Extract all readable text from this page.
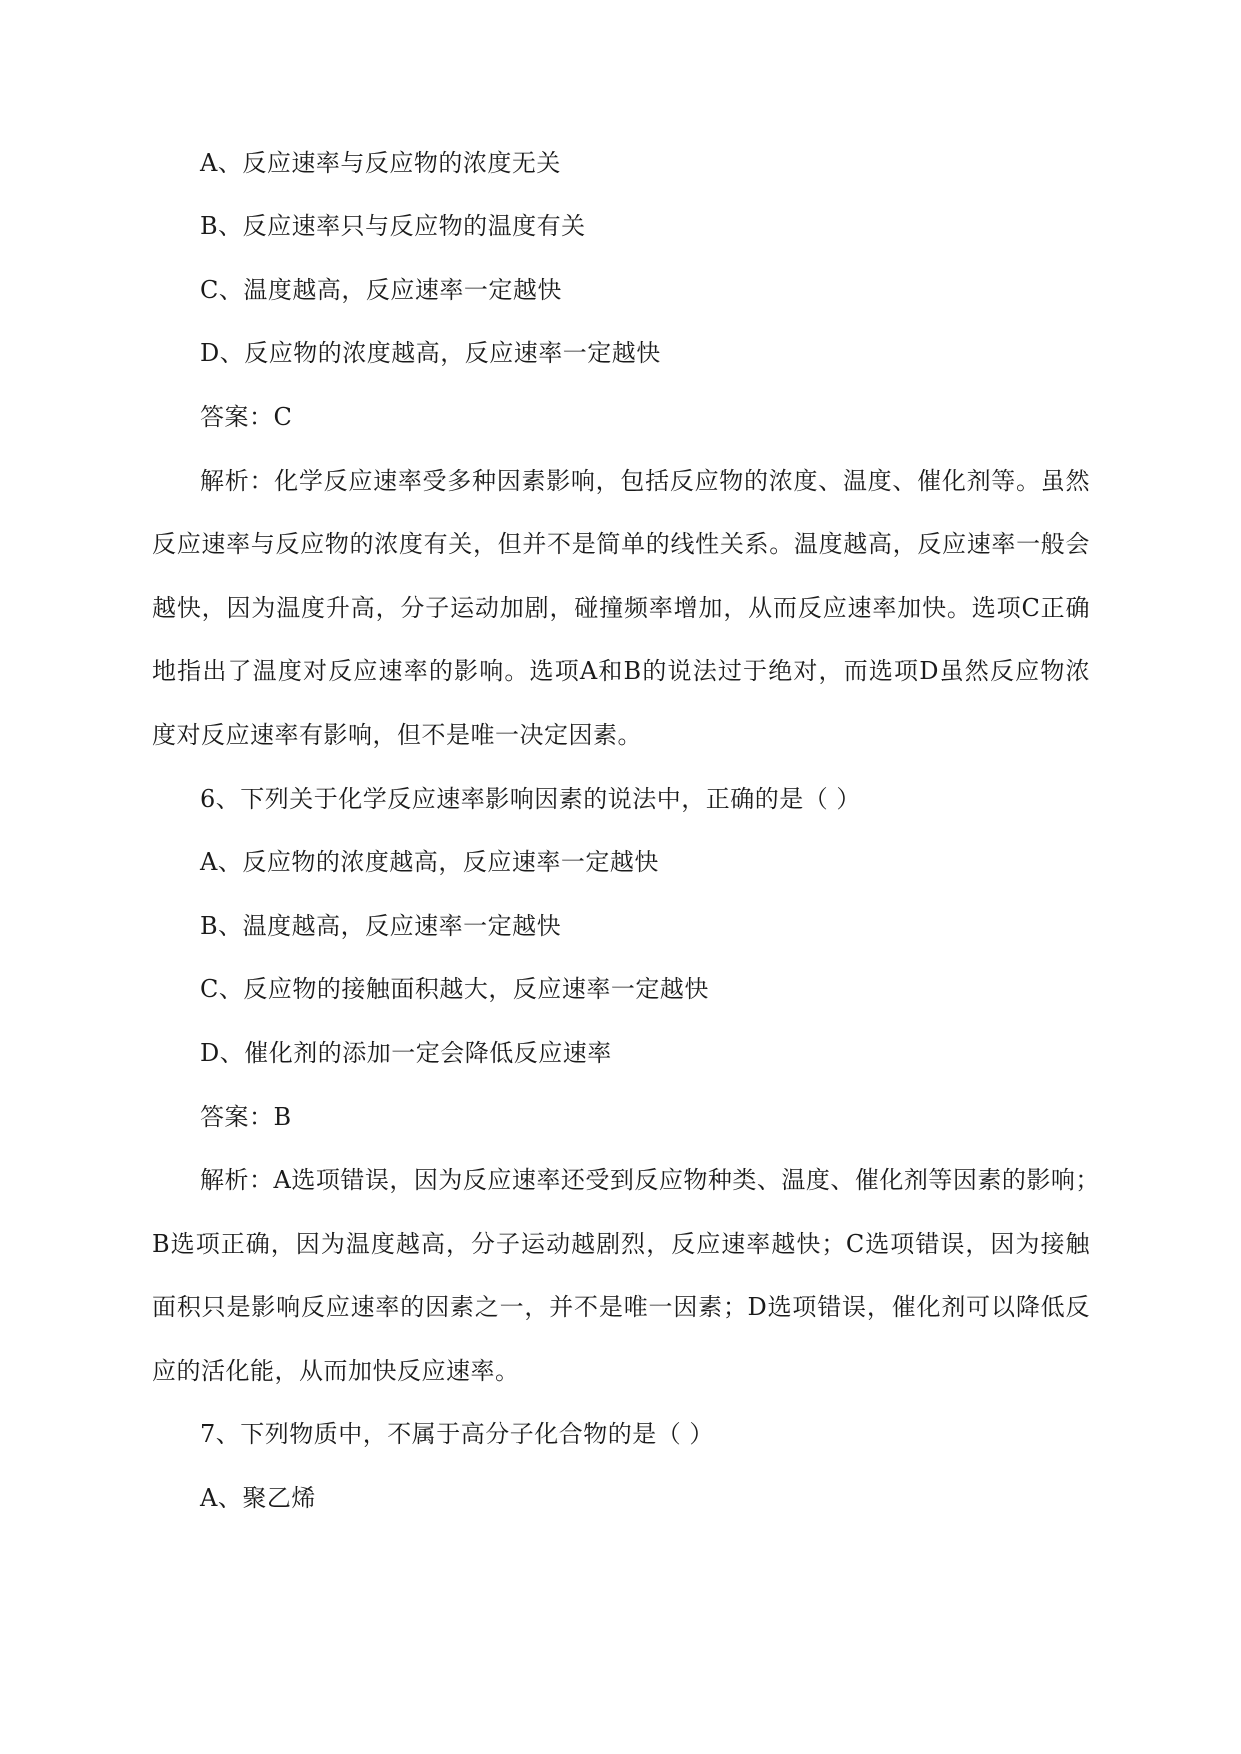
A、反应速率与反应物的浓度无关
B、反应速率只与反应物的温度有关
C、温度越高，反应速率一定越快
D、反应物的浓度越高，反应速率一定越快
答案：C
解析：化学反应速率受多种因素影响，包括反应物的浓度、温度、催化剂等。虽然
反应速率与反应物的浓度有关，但并不是简单的线性关系。温度越高，反应速率一般会
越快，因为温度升高，分子运动加剧，碰撞频率增加，从而反应速率加快。选项C正确
地指出了温度对反应速率的影响。选项A和B的说法过于绝对，而选项D虽然反应物浓
度对反应速率有影响，但不是唯一决定因素。
6、下列关于化学反应速率影响因素的说法中，正确的是（ ）
A、反应物的浓度越高，反应速率一定越快
B、温度越高，反应速率一定越快
C、反应物的接触面积越大，反应速率一定越快
D、催化剂的添加一定会降低反应速率
答案：B
解析：A选项错误，因为反应速率还受到反应物种类、温度、催化剂等因素的影响；
B选项正确，因为温度越高，分子运动越剧烈，反应速率越快；C选项错误，因为接触
面积只是影响反应速率的因素之一，并不是唯一因素；D选项错误，催化剂可以降低反
应的活化能，从而加快反应速率。
7、下列物质中，不属于高分子化合物的是（ ）
A、聚乙烯
